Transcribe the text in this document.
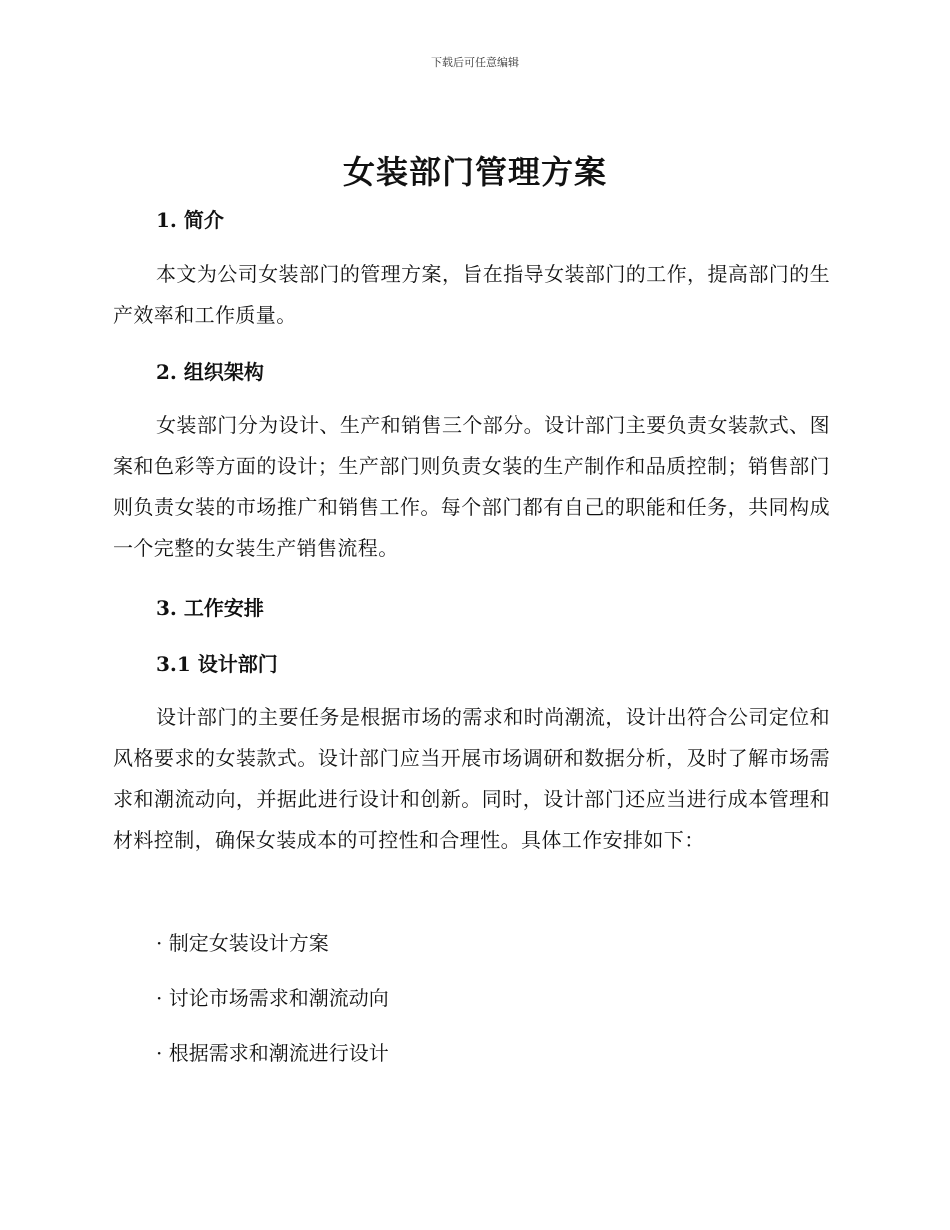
下载后可任意编辑
女装部门管理方案
1. 简介

本文为公司女装部门的管理方案，旨在指导女装部门的工作，提高部门的生产效率和工作质量。

2. 组织架构

女装部门分为设计、生产和销售三个部分。设计部门主要负责女装款式、图案和色彩等方面的设计；生产部门则负责女装的生产制作和品质控制；销售部门则负责女装的市场推广和销售工作。每个部门都有自己的职能和任务，共同构成一个完整的女装生产销售流程。

3. 工作安排
3.1 设计部门

设计部门的主要任务是根据市场的需求和时尚潮流，设计出符合公司定位和风格要求的女装款式。设计部门应当开展市场调研和数据分析，及时了解市场需求和潮流动向，并据此进行设计和创新。同时，设计部门还应当进行成本管理和材料控制，确保女装成本的可控性和合理性。具体工作安排如下：

· 制定女装设计方案

· 讨论市场需求和潮流动向

· 根据需求和潮流进行设计
